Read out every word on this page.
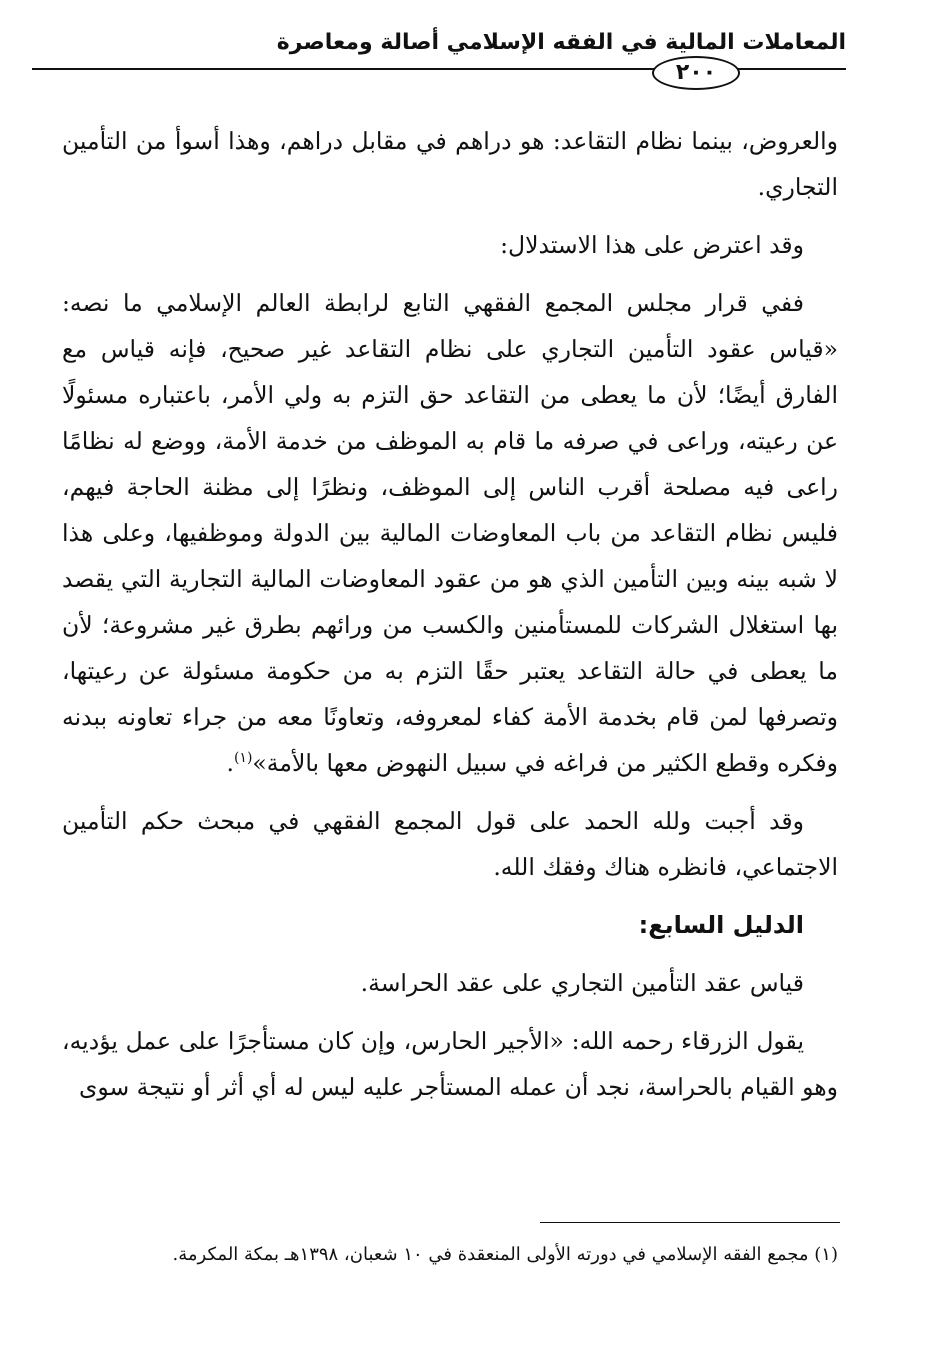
المعاملات المالية في الفقه الإسلامي أصالة ومعاصرة
٢٠٠

والعروض، بينما نظام التقاعد: هو دراهم في مقابل دراهم، وهذا أسوأ من التأمين التجاري.

وقد اعترض على هذا الاستدلال:

ففي قرار مجلس المجمع الفقهي التابع لرابطة العالم الإسلامي ما نصه: «قياس عقود التأمين التجاري على نظام التقاعد غير صحيح، فإنه قياس مع الفارق أيضًا؛ لأن ما يعطى من التقاعد حق التزم به ولي الأمر، باعتباره مسئولًا عن رعيته، وراعى في صرفه ما قام به الموظف من خدمة الأمة، ووضع له نظامًا راعى فيه مصلحة أقرب الناس إلى الموظف، ونظرًا إلى مظنة الحاجة فيهم، فليس نظام التقاعد من باب المعاوضات المالية بين الدولة وموظفيها، وعلى هذا لا شبه بينه وبين التأمين الذي هو من عقود المعاوضات المالية التجارية التي يقصد بها استغلال الشركات للمستأمنين والكسب من ورائهم بطرق غير مشروعة؛ لأن ما يعطى في حالة التقاعد يعتبر حقًا التزم به من حكومة مسئولة عن رعيتها، وتصرفها لمن قام بخدمة الأمة كفاء لمعروفه، وتعاونًا معه من جراء تعاونه ببدنه وفكره وقطع الكثير من فراغه في سبيل النهوض معها بالأمة»$^{(١)}$.

وقد أجبت ولله الحمد على قول المجمع الفقهي في مبحث حكم التأمين الاجتماعي، فانظره هناك وفقك الله.

الدليل السابع:

قياس عقد التأمين التجاري على عقد الحراسة.

يقول الزرقاء رحمه الله: «الأجير الحارس، وإن كان مستأجرًا على عمل يؤديه، وهو القيام بالحراسة، نجد أن عمله المستأجر عليه ليس له أي أثر أو نتيجة سوى

(١) مجمع الفقه الإسلامي في دورته الأولى المنعقدة في ١٠ شعبان، ١٣٩٨هـ بمكة المكرمة.
